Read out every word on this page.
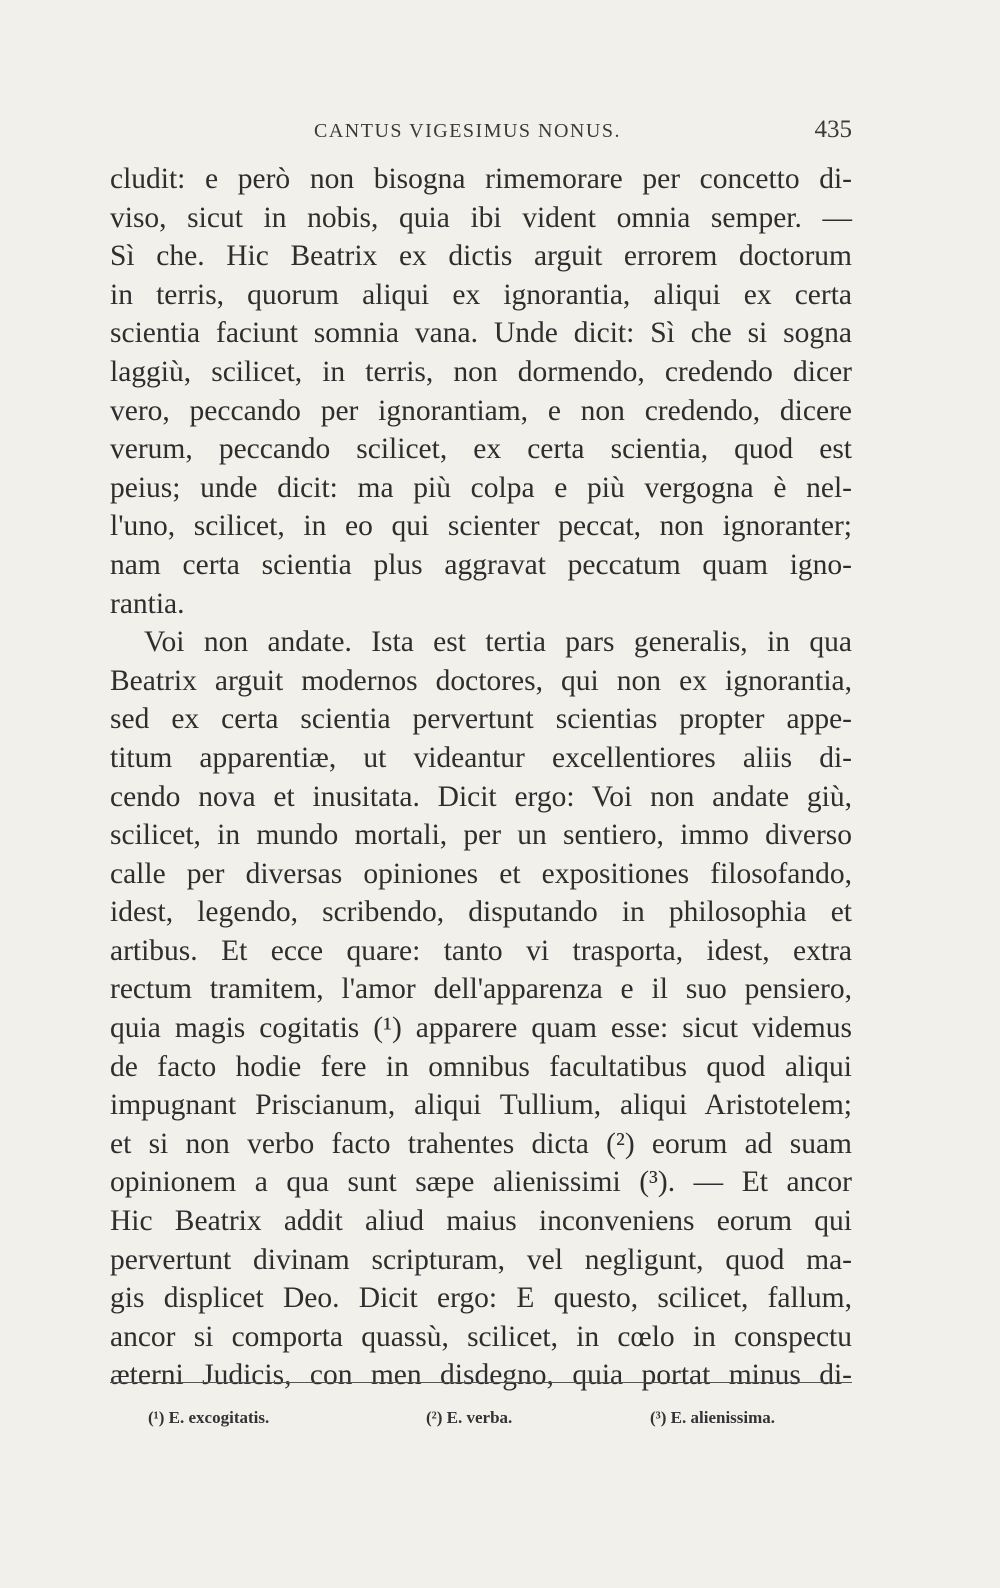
CANTUS VIGESIMUS NONUS.	435
cludit: e però non bisogna rimemorare per concetto di-
viso, sicut in nobis, quia ibi vident omnia semper. —
Sì che. Hic Beatrix ex dictis arguit errorem doctorum
in terris, quorum aliqui ex ignorantia, aliqui ex certa
scientia faciunt somnia vana. Unde dicit: Sì che si sogna
laggiù, scilicet, in terris, non dormendo, credendo dicer
vero, peccando per ignorantiam, e non credendo, dicere
verum, peccando scilicet, ex certa scientia, quod est
peius; unde dicit: ma più colpa e più vergogna è nel-
l'uno, scilicet, in eo qui scienter peccat, non ignoranter;
nam certa scientia plus aggravat peccatum quam igno-
rantia.
Voi non andate. Ista est tertia pars generalis, in qua
Beatrix arguit modernos doctores, qui non ex ignorantia,
sed ex certa scientia pervertunt scientias propter appe-
titum apparentiæ, ut videantur excellentiores aliis di-
cendo nova et inusitata. Dicit ergo: Voi non andate giù,
scilicet, in mundo mortali, per un sentiero, immo diverso
calle per diversas opiniones et expositiones filosofando,
idest, legendo, scribendo, disputando in philosophia et
artibus. Et ecce quare: tanto vi trasporta, idest, extra
rectum tramitem, l'amor dell'apparenza e il suo pensiero,
quia magis cogitatis (¹) apparere quam esse: sicut videmus
de facto hodie fere in omnibus facultatibus quod aliqui
impugnant Priscianum, aliqui Tullium, aliqui Aristotelem;
et si non verbo facto trahentes dicta (²) eorum ad suam
opinionem a qua sunt sæpe alienissimi (³). — Et ancor
Hic Beatrix addit aliud maius inconveniens eorum qui
pervertunt divinam scripturam, vel negligunt, quod ma-
gis displicet Deo. Dicit ergo: E questo, scilicet, fallum,
ancor si comporta quassù, scilicet, in cœlo in conspectu
æterni Judicis, con men disdegno, quia portat minus di-
(¹) E. excogitatis.	(²) E. verba.	(³) E. alienissima.
